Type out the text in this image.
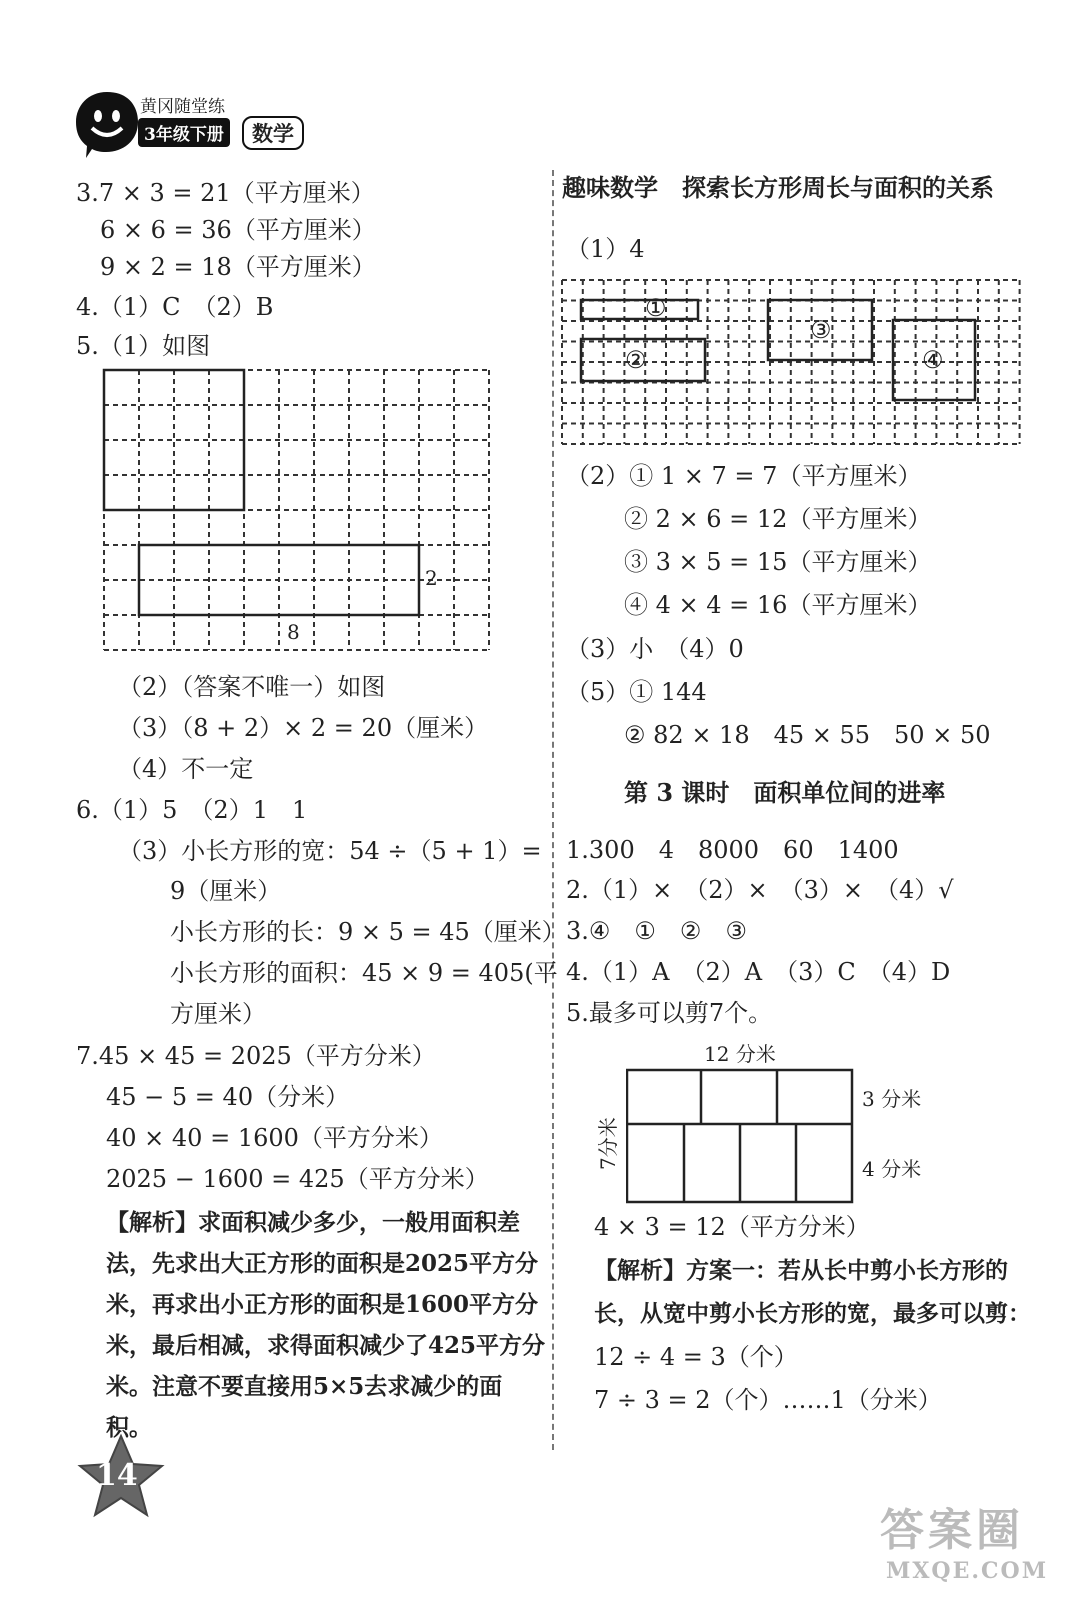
黄冈随堂练
3年级下册	数学
3.7 × 3 = 21（平方厘米）
6 × 6 = 36（平方厘米）
9 × 2 = 18（平方厘米）
4.（1）C　（2）B
5.（1）如图
2
8
（2）（答案不唯一）如图
（3）（8 + 2）× 2 = 20（厘米）
（4）不一定
6.（1）5　（2）1　1
（3）小长方形的宽：54 ÷（5 + 1）=
9（厘米）
小长方形的长：9 × 5 = 45（厘米）
小长方形的面积：45 × 9 = 405(平
方厘米）
7.45 × 45 = 2025（平方分米）
45 − 5 = 40（分米）
40 × 40 = 1600（平方分米）
2025 − 1600 = 425（平方分米）
【解析】求面积减少多少，一般用面积差法，先求出大正方形的面积是2025平方分米，再求出小正方形的面积是1600平方分米，最后相减，求得面积减少了425平方分米。注意不要直接用5×5去求减少的面积。
14
趣味数学　探索长方形周长与面积的关系
（1）4
①
②
③
④
（2）① 1 × 7 = 7（平方厘米）
② 2 × 6 = 12（平方厘米）
③ 3 × 5 = 15（平方厘米）
④ 4 × 4 = 16（平方厘米）
（3）小　（4）0
（5）① 144
② 82 × 18　45 × 55　50 × 50
第 3 课时　面积单位间的进率
1.300　4　8000　60　1400
2.（1）×　（2）×　（3）×　（4）√
3.④　①　②　③
4.（1）A　（2）A　（3）C　（4）D
5.最多可以剪7个。
12 分米
7分米
3 分米
4 分米
4 × 3 = 12（平方分米）
【解析】方案一：若从长中剪小长方形的长，从宽中剪小长方形的宽，最多可以剪：
12 ÷ 4 = 3（个）
7 ÷ 3 = 2（个）……1（分米）
答案圈
MXQE.COM
